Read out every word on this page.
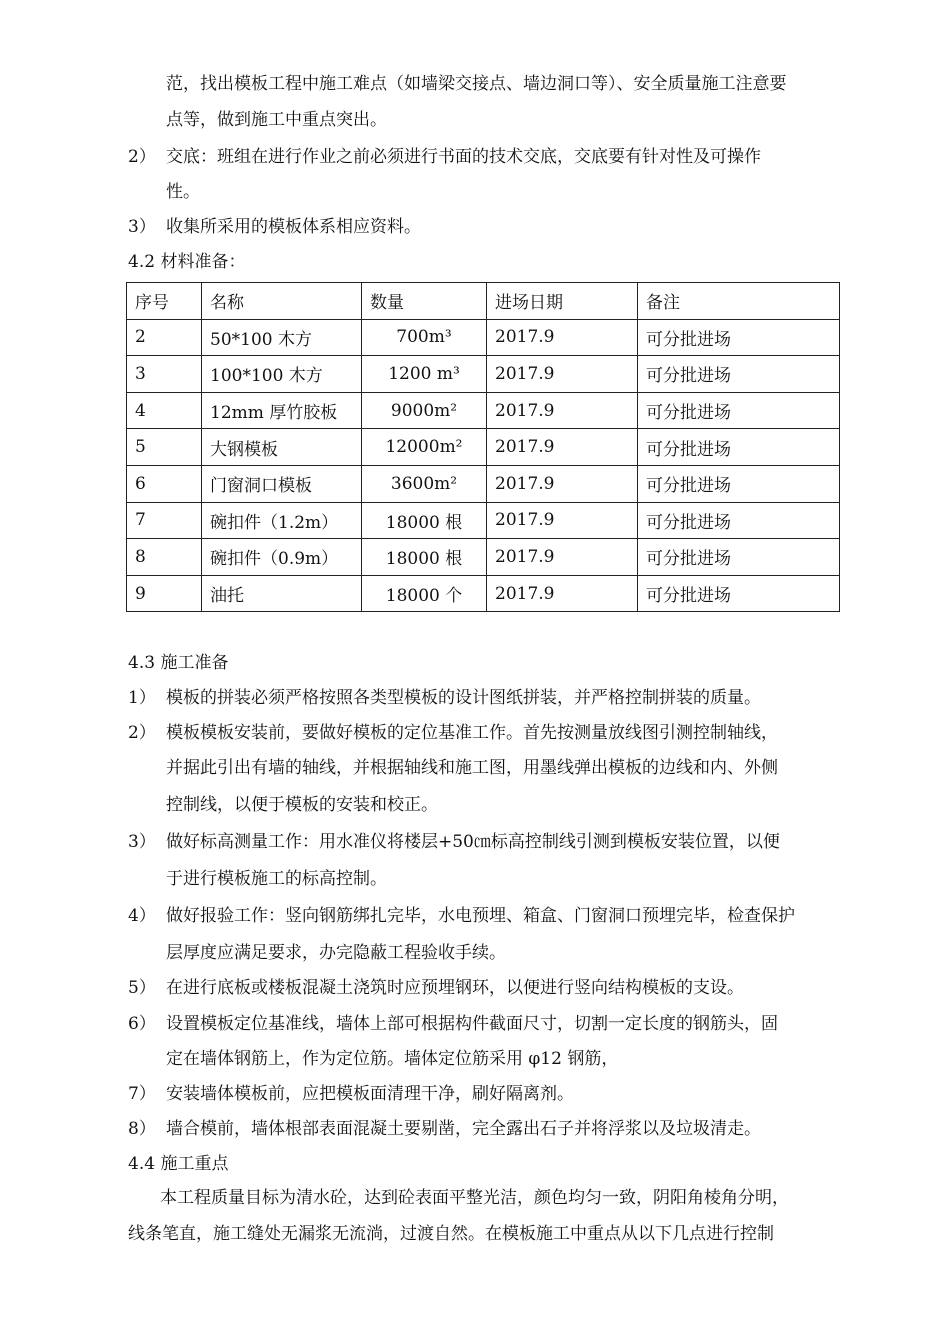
范，找出模板工程中施工难点（如墙梁交接点、墙边洞口等）、安全质量施工注意要
点等，做到施工中重点突出。
2） 交底：班组在进行作业之前必须进行书面的技术交底，交底要有针对性及可操作
性。
3） 收集所采用的模板体系相应资料。
4.2 材料准备：
序号	名称	数量	进场日期	备注
2	50*100 木方	700m³	2017.9	可分批进场
3	100*100 木方	1200 m³	2017.9	可分批进场
4	12mm 厚竹胶板	9000m²	2017.9	可分批进场
5	大钢模板	12000m²	2017.9	可分批进场
6	门窗洞口模板	3600m²	2017.9	可分批进场
7	碗扣件（1.2m）	18000 根	2017.9	可分批进场
8	碗扣件（0.9m）	18000 根	2017.9	可分批进场
9	油托	18000 个	2017.9	可分批进场
4.3 施工准备
1） 模板的拼装必须严格按照各类型模板的设计图纸拼装，并严格控制拼装的质量。
2） 模板模板安装前，要做好模板的定位基准工作。首先按测量放线图引测控制轴线，
并据此引出有墙的轴线，并根据轴线和施工图，用墨线弹出模板的边线和内、外侧
控制线，以便于模板的安装和校正。
3） 做好标高测量工作：用水准仪将楼层+50㎝标高控制线引测到模板安装位置，以便
于进行模板施工的标高控制。
4） 做好报验工作：竖向钢筋绑扎完毕，水电预埋、箱盒、门窗洞口预埋完毕，检查保护
层厚度应满足要求，办完隐蔽工程验收手续。
5） 在进行底板或楼板混凝土浇筑时应预埋钢环，以便进行竖向结构模板的支设。
6） 设置模板定位基准线，墙体上部可根据构件截面尺寸，切割一定长度的钢筋头，固
定在墙体钢筋上，作为定位筋。墙体定位筋采用 φ12 钢筋，
7） 安装墙体模板前，应把模板面清理干净，刷好隔离剂。
8） 墙合模前，墙体根部表面混凝土要剔凿，完全露出石子并将浮浆以及垃圾清走。
4.4 施工重点
本工程质量目标为清水砼，达到砼表面平整光洁，颜色均匀一致，阴阳角棱角分明，
线条笔直，施工缝处无漏浆无流淌，过渡自然。在模板施工中重点从以下几点进行控制
